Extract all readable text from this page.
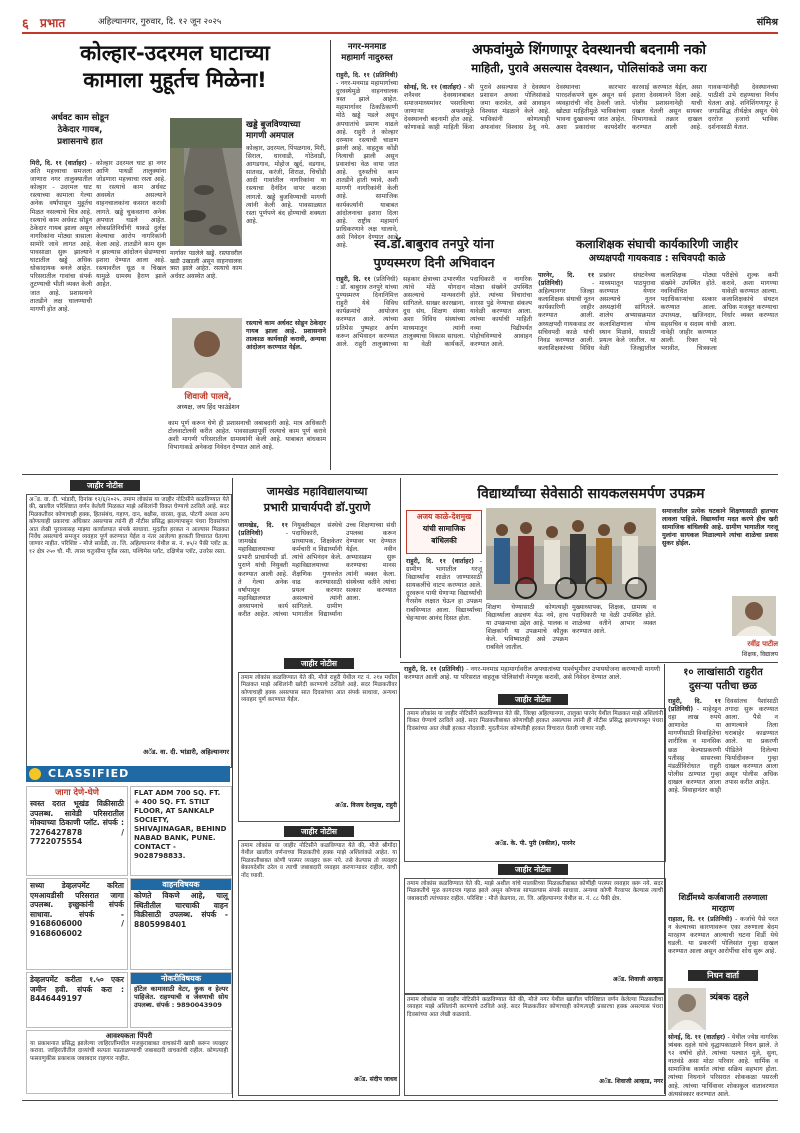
६ प्रभात	अहिल्यानगर, गुरुवार, दि. १२ जून २०२५	संमिश्र
कोल्हार-उदरमल घाटाच्या
कामाला मुहूर्तच मिळेना!
अर्धवट काम सोडून
ठेकेदार गायब,
प्रशासनाचे हात
मिरी, दि. ११ (वार्ताहर) - अति महत्त्वाचा समजला जाणारा नगर तालुक्यातील कोल्हार - उदरमल घाट रस्त्याच्या कामाला गेल्या अनेक वर्षांपासून मुहूर्तच मिळत नसल्याचे चित्र आहे. रस्त्याचे काम अर्धवट सोडून ठेकेदार गायब झाला असून नागरिकांना मोठ्या त्रासाला सामोरे जावे लागत आहे. पावसाळा सुरू झाल्याने घाटातील खड्डे अधिक धोकादायक बनले आहेत. परिसरातील गावांचा संपर्क तुटण्याची भीती व्यक्त केली जात आहे. प्रशासनाने तातडीने लक्ष घालण्याची मागणी होत आहे.
कोल्हार उदरमल घाट हा नगर आणि पाथर्डी तालुक्यांना जोडणारा महत्त्वाचा रस्ता आहे. या रस्त्याचे काम अर्धवट अवस्थेत असल्याने वाहनचालकांना कसरत करावी लागते. खड्डे चुकवताना अनेक अपघात घडले आहेत. लोकप्रतिनिधींनी याकडे दुर्लक्ष केल्याचा आरोप नागरिकांनी केला आहे. तातडीने काम सुरू न झाल्यास आंदोलन छेडण्याचा इशारा देण्यात आला आहे. रस्त्यावरील धूळ व चिखल यामुळे ग्रामस्थ हैराण झाले आहेत.
मार्गावर पडलेले खड्डे. रस्त्यावरील खडी उखडली असून वाहनचालक त्रस्त झाले आहेत. रस्त्याचे काम अर्धवट अवस्थेत आहे.
खड्डे बुजविण्याच्या
मागणी अमपाल
कोल्हार, उदरमल, पिंपळगाव, मिरी, सिराल, धारवाडी, गोठेवाडी, आगडगाव, मोहोज खुर्द, वडगाव, सातवड, करंजी, शिराळ, चिचोंडी आदी गावांतील नागरिकांना या रस्त्याचा दैनंदिन वापर करावा लागतो. खड्डे बुजविण्याची मागणी त्यांनी केली आहे. पावसाळ्यात रस्ता पूर्णपणे बंद होण्याची शक्यता आहे.
शिवाजी पालवे,
अध्यक्ष, जय हिंद फाउंडेशन
रस्त्याचे काम अर्धवट सोडून ठेकेदार गायब झाला आहे. प्रशासनाने तात्काळ कार्यवाही करावी, अन्यथा आंदोलन करण्यात येईल.
काम पूर्ण करून घेणे ही प्रशासनाची जबाबदारी आहे. मात्र अधिकारी टोलवाटोलवी करीत आहेत. पावसाळ्यापूर्वी रस्त्याचे काम पूर्ण करावे अशी मागणी परिसरातील ग्रामस्थांनी केली आहे. याबाबत बांधकाम विभागाकडे अनेकदा निवेदन देण्यात आले आहे.
नगर-मनमाड
महामार्ग नादुरुस्त
राहुरी, दि. ११ (प्रतिनिधी) - नगर-मनमाड महामार्गाच्या दुरवस्थेमुळे वाहनचालक त्रस्त झाले आहेत. महामार्गावर ठिकठिकाणी मोठे खड्डे पडले असून अपघातांचे प्रमाण वाढले आहे. राहुरी ते कोल्हार दरम्यान रस्त्याची चाळण झाली आहे. वाहतूक कोंडी नित्याची झाली असून प्रवाशांचा वेळ वाया जात आहे. दुरुस्तीचे काम तातडीने हाती घ्यावे, अशी मागणी नागरिकांनी केली आहे. सामाजिक कार्यकर्त्यांनी याबाबत आंदोलनाचा इशारा दिला आहे. राष्ट्रीय महामार्ग प्राधिकरणाने लक्ष घालावे, असे निवेदन देण्यात आले आहे.
अफवांमुळे शिंगणापूर देवस्थानची बदनामी नको
माहिती, पुरावे असल्यास देवस्थान, पोलिसांकडे जमा करा
सोनई, दि. ११ (वार्ताहर) - श्री शनैश्वर देवस्थानबाबत समाजमाध्यमांवर पसरविल्या जाणाऱ्या अफवांमुळे देवस्थानची बदनामी होत आहे. कोणाकडे काही माहिती किंवा पुरावे असल्यास ते देवस्थान प्रशासन अथवा पोलिसांकडे जमा करावेत, असे आवाहन विश्वस्त मंडळाने केले आहे. भाविकांनी कोणत्याही अफवांवर विश्वास ठेवू नये. देवस्थानचा कारभार पारदर्शकपणे सुरू असून सर्व व्यवहारांची नोंद ठेवली जाते. खोट्या माहितीमुळे भाविकांच्या भावना दुखावल्या जात आहेत. अशा प्रकारांवर कायदेशीर कारवाई करण्यात येईल, असा इशारा देवस्थानने दिला आहे. पोलीस प्रशासनानेही याची दखल घेतली असून सायबर विभागाकडे तक्रार दाखल करण्यात आली आहे. गावकऱ्यांनीही देवस्थानच्या पाठीशी उभे राहण्याचा निर्णय घेतला आहे. शनिशिंगणापूर हे जगप्रसिद्ध तीर्थक्षेत्र असून येथे दररोज हजारो भाविक दर्शनासाठी येतात.
स्व.डॉ.बाबुराव तनपुरे यांना
पुण्यस्मरण दिनी अभिवादन
राहुरी, दि. ११ (प्रतिनिधी) : डॉ. बाबुराव तनपुरे यांच्या पुण्यस्मरण दिनानिमित्त राहुरी येथे विविध कार्यक्रमांचे आयोजन करण्यात आले. त्यांच्या प्रतिमेस पुष्पहार अर्पण करून अभिवादन करण्यात आले. राहुरी तालुक्याच्या सहकार क्षेत्राच्या उभारणीत त्यांचे मोठे योगदान असल्याचे मान्यवरांनी सांगितले. साखर कारखाना, दूध संघ, शिक्षण संस्था अशा विविध संस्थांच्या माध्यमातून त्यांनी तालुक्याचा विकास साधला. या वेळी कार्यकर्ते, पदाधिकारी व नागरिक मोठ्या संख्येने उपस्थित होते. त्यांच्या विचारांचा वारसा पुढे नेण्याचा संकल्प यावेळी करण्यात आला. त्यांच्या कार्याची माहिती नव्या पिढीपर्यंत पोहोचविण्याचे आवाहन करण्यात आले.
कलाशिक्षक संघाची कार्यकारिणी जाहीर
अध्यक्षपदी गायकवाड : सचिवपदी काळे
पारनेर, दि. ११ (प्रतिनिधी)	- अहिल्यानगर जिल्हा कलाशिक्षक संघाची नूतन कार्यकारिणी जाहीर करण्यात आली. अध्यक्षपदी गायकवाड तर सचिवपदी काळे यांची निवड करण्यात आली. कलाशिक्षकांच्या विविध प्रश्नांवर संघटनेच्या माध्यमातून पाठपुरावा करण्यात येणार असल्याचे नूतन अध्यक्षांनी सांगितले. शालेय अभ्यासक्रमात कलाशिक्षणाला योग्य स्थान मिळावे, यासाठी प्रयत्न केले जातील. या वेळी जिल्ह्यातील कलाशिक्षक मोठ्या संख्येने उपस्थित होते. नवनिर्वाचित पदाधिकाऱ्यांचा सत्कार करण्यात आला. उपाध्यक्ष, खजिनदार, सहसचिव व सदस्य यांची नावेही जाहीर करण्यात आली. रिक्त पदे भरावीत, चित्रकला परीक्षेचे शुल्क कमी करावे, अशा मागण्या यावेळी करण्यात आल्या. कलाशिक्षकांचे संघटन अधिक मजबूत करण्याचा निर्धार व्यक्त करण्यात आला.
जाहीर नोटीस
अॅड. वा. दी. भांडारी, दिनांक १२/६/२०२५. तमाम लोकांस या जाहीर नोटिसीने कळविण्यात येते की, खालील परिशिष्टात वर्णन केलेली मिळकत माझे अशिलांनी विकत घेण्याचे ठरविले आहे. सदर मिळकतीवर कोणाचाही हक्क, हितसंबंध, गहाण, दान, बक्षीस, वारसा, कुळ, पोटगी अथवा अन्य कोणत्याही प्रकारचा अधिकार असल्यास त्यांनी ही नोटीस प्रसिद्ध झाल्यापासून पंधरा दिवसांच्या आत लेखी पुराव्यासह माझ्या कार्यालयात संपर्क साधावा. मुदतीत हरकत न आल्यास मिळकत निर्वेध असल्याचे समजून व्यवहार पूर्ण करण्यात येईल व नंतर आलेल्या हरकती विचारात घेतल्या जाणार नाहीत. परिशिष्ट - मौजे सावेडी, ता. जि. अहिल्यानगर येथील स. नं. ४५/२ पैकी प्लॉट क्र. १२ क्षेत्र २५० चौ. मी. त्यास चतुःसीमा पूर्वेस रस्ता, पश्चिमेस प्लॉट, दक्षिणेस प्लॉट, उत्तरेस रस्ता.
अॅड. वा. दी. भांडारी, अहिल्यानगर
CLASSIFIED
जागा देणे-घेणे
स्वस्त दरात भूखंड विक्रीसाठी उपलब्ध. सावेडी परिसरातील मोक्याच्या ठिकाणी प्लॉट. संपर्क : 7276427878 / 7722075554
FLAT ADM 700 SQ. FT. + 400 SQ. FT. STILT FLOOR, AT SANKALP SOCIETY, SHIVAJINAGAR, BEHIND NABAD BANK, PUNE. CONTACT - 9028798833.
सध्या डेव्हलपमेंट करिता एमआयडीसी परिसरात जागा उपलब्ध. इच्छुकांनी संपर्क साधावा. संपर्क - 9168606000 / 9168606002
वाहनविषयक
कोणते विकणे आहे, चालू स्थितीतील चारचाकी वाहन विक्रीसाठी उपलब्ध. संपर्क - 8805998401
डेव्हलपमेंट करीता १.५० एकर जमीन हवी. संपर्क करा : 8446449197
नोकरीविषयक
हॉटेल कामासाठी वेटर, कुक व हेल्पर पाहिजेत. राहण्याची व जेवणाची सोय उपलब्ध. संपर्क : 9890043909
आवश्यकता पिंपरी
या प्रकाशनात प्रसिद्ध झालेल्या जाहिरातींमधील मजकुराबाबत वाचकांनी खात्री करून व्यवहार करावा. जाहिरातीतील दाव्यांची सत्यता पडताळण्याची जबाबदारी वाचकांची राहील. कोणत्याही फसवणुकीस प्रकाशक जबाबदार राहणार नाहीत.
जामखेड महाविद्यालयाच्या
प्रभारी प्राचार्यपदी डॉ.पुराणे
जामखेड, दि. ११ (प्रतिनिधी)	- जामखेड महाविद्यालयाच्या प्रभारी प्राचार्यपदी डॉ. पुराणे यांची नियुक्ती करण्यात आली आहे. ते गेल्या अनेक वर्षांपासून महाविद्यालयात अध्यापनाचे कार्य करीत आहेत. त्यांच्या नियुक्तीबद्दल संस्थेचे पदाधिकारी, प्राध्यापक, शिक्षकेतर कर्मचारी व विद्यार्थ्यांनी त्यांचे अभिनंदन केले. महाविद्यालयाच्या शैक्षणिक गुणवत्तेत वाढ करण्यासाठी प्रयत्न करणार असल्याचे त्यांनी सांगितले. ग्रामीण भागातील विद्यार्थ्यांना उच्च शिक्षणाच्या संधी उपलब्ध करून देण्यावर भर देण्यात येईल. नवीन अभ्यासक्रम सुरू करण्याचा मानस त्यांनी व्यक्त केला. संस्थेच्या वतीने त्यांचा सत्कार करण्यात आला.
जाहीर नोटीस
तमाम लोकांस कळविण्यात येते की, मौजे राहुरी येथील गट नं. २१४ मधील मिळकत माझे अशिलांनी खरेदी करण्याचे ठरविले आहे. सदर मिळकतीवर कोणाचाही हक्क असल्यास सात दिवसांच्या आत संपर्क साधावा, अन्यथा व्यवहार पूर्ण करण्यात येईल.
अॅड. विजय देशमुख, राहुरी
जाहीर नोटीस
तमाम लोकांस या जाहीर नोटिसीने कळविण्यात येते की, मौजे श्रीगोंदा येथील खालील वर्णनाच्या मिळकतीचे हक्क माझे अशिलांकडे आहेत. या मिळकतीबाबत कोणी परस्पर व्यवहार करू नये. तसे केल्यास तो व्यवहार बेकायदेशीर ठरेल व त्याची जबाबदारी व्यवहार करणाऱ्यावर राहील, याची नोंद घ्यावी.
अॅड. संदीप जाधव
विद्यार्थ्यांच्या सेवेसाठी सायकलसमर्पण उपक्रम
अजय काळे-देशमुख
यांची सामाजिक
बांधिलकी
राहुरी, दि. ११ (वार्ताहर) - ग्रामीण भागातील गरजू विद्यार्थ्यांना शाळेत जाण्यासाठी सायकलींचे वाटप करण्यात आले. दूरवरून पायी येणाऱ्या विद्यार्थ्यांची गैरसोय लक्षात घेऊन हा उपक्रम राबविण्यात आला. विद्यार्थ्यांच्या चेहऱ्यावर आनंद दिसत होता.
शिक्षण घेण्यासाठी कोणत्याही विद्यार्थ्याला अडचण येऊ नये, हाच या उपक्रमाचा उद्देश आहे. पालक व शिक्षकांनी या उपक्रमाचे कौतुक केले. भविष्यातही असे उपक्रम राबविले जातील.
मुख्याध्यापक, शिक्षक, ग्रामस्थ व पदाधिकारी या वेळी उपस्थित होते. शाळेच्या वतीने आभार व्यक्त करण्यात आले.
समाजातील प्रत्येक घटकाने शिक्षणासाठी हातभार लावला पाहिजे. विद्यार्थ्यांना मदत करणे हीच खरी सामाजिक बांधिलकी आहे. ग्रामीण भागातील गरजू मुलांना सायकल मिळाल्याने त्यांचा शाळेचा प्रवास सुकर होईल.
रवींद्र पाटील
शिक्षक, विद्यालय
राहुरी, दि. ११ (प्रतिनिधी) - नगर-मनमाड महामार्गावरील अपघातांच्या पार्श्वभूमीवर उपाययोजना करण्याची मागणी करण्यात आली आहे. या परिसरात वाहतूक पोलिसांची नेमणूक करावी, असे निवेदन देण्यात आले.
जाहीर नोटीस
तमाम लोकांस या जाहीर नोटिसीने कळविण्यात येते की, जिल्हा अहिल्यानगर, तालुका पारनेर येथील मिळकत माझे अशिलांनी विकत घेण्याचे ठरविले आहे. सदर मिळकतीबाबत कोणाचीही हरकत असल्यास त्यांनी ही नोटीस प्रसिद्ध झाल्यापासून पंधरा दिवसांच्या आत लेखी हरकत नोंदवावी. मुदतीनंतर कोणतीही हरकत विचारात घेतली जाणार नाही.
अॅड. के. पी. पुरी (वकील), पारनेर
जाहीर नोटीस
तमाम लोकांस कळविण्यात येते की, माझे अशील यांचे मालकीच्या मिळकतीबाबत कोणीही परस्पर व्यवहार करू नये. सदर मिळकतीचे मूळ कागदपत्र गहाळ झाले असून कोणास सापडल्यास संपर्क साधावा. अन्यथा कोणी गैरवापर केल्यास त्याची जबाबदारी त्यांच्यावर राहील. परिशिष्ट : मौजे केडगाव, ता. जि. अहिल्यानगर येथील स. नं. ८८ पैकी क्षेत्र.
अॅड. शिवाजी आव्हाड
तमाम लोकांस या जाहीर नोटिसीने कळविण्यात येते की, मौजे नगर येथील खालील परिशिष्टात वर्णन केलेल्या मिळकतीचा व्यवहार माझे अशिलांनी करण्याचे ठरविले आहे. सदर मिळकतीवर कोणाचाही कोणत्याही प्रकारचा हक्क असल्यास पंधरा दिवसांच्या आत लेखी कळवावे.
अॅड. शिवाजी आव्हाड, नगर
१० लाखांसाठी राहुरीत
दुसऱ्या पतीचा छळ
राहुरी, दि. ११ (प्रतिनिधी) - माहेरहून दहा लाख रुपये आणावेत या मागणीसाठी विवाहितेचा शारीरिक व मानसिक छळ केल्याप्रकरणी पतीसह सासरच्या मंडळींविरोधात राहुरी पोलीस ठाण्यात गुन्हा दाखल करण्यात आला आहे. विवाहानंतर काही दिवसांतच पैशांसाठी तगादा सुरू करण्यात आला. पैसे न आणल्याने तिला घराबाहेर काढण्यात आले. या प्रकरणी पीडितेने दिलेल्या फिर्यादीवरून गुन्हा दाखल करण्यात आला असून पोलीस अधिक तपास करीत आहेत.
शिर्डीमध्ये कर्जबाजारी तरुणाला मारहाण
राहाता, दि. ११ (प्रतिनिधी) - कर्जाचे पैसे परत न केल्याच्या कारणावरून एका तरुणाला बेदम मारहाण करण्यात आल्याची घटना शिर्डी येथे घडली. या प्रकरणी पोलिसांत गुन्हा दाखल करण्यात आला असून आरोपींचा शोध सुरू आहे.
निधन वार्ता
त्र्यंबक दहले
सोनई, दि. ११ (वार्ताहर) - येथील ज्येष्ठ नागरिक त्र्यंबक दहले यांचे वृद्धापकाळाने निधन झाले. ते ९२ वर्षांचे होते. त्यांच्या पश्चात मुले, सुना, नातवंडे असा मोठा परिवार आहे. धार्मिक व सामाजिक कार्यात त्यांचा सक्रिय सहभाग होता. त्यांच्या निधनाने परिसरात शोककळा पसरली आहे. त्यांच्या पार्थिवावर शोकाकुल वातावरणात अंत्यसंस्कार करण्यात आले.
